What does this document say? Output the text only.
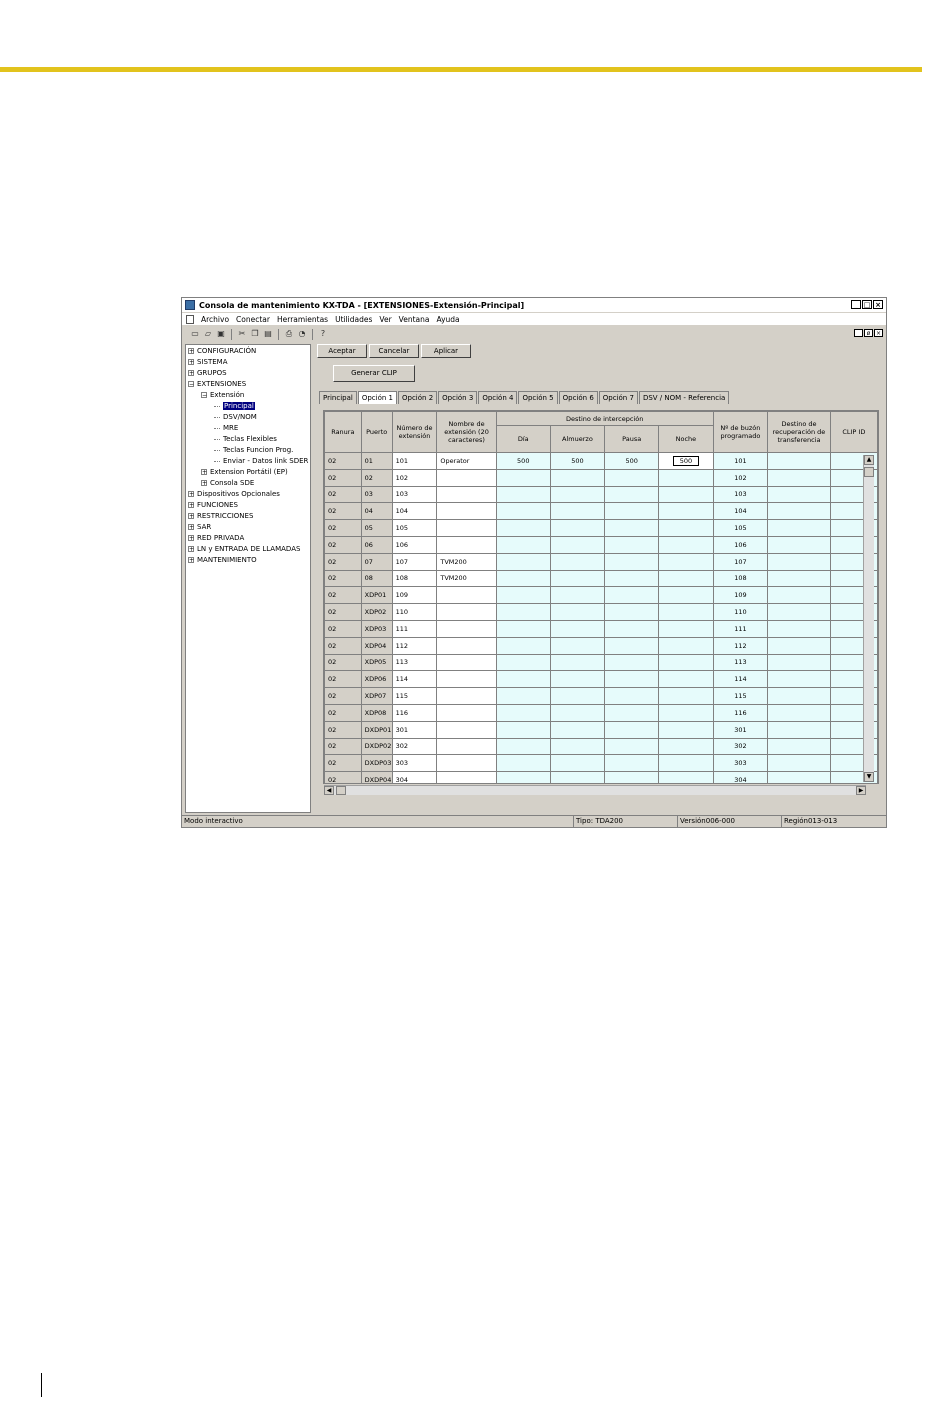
Consola de mantenimiento KX-TDA - [EXTENSIONES-Extensión-Principal]	_ □ ×
Archivo Conectar Herramientas Utilidades Ver Ventana Ayuda
_	ø ×
▭ ▱ ▣ ✂ ❐ ▤ ⎙ ◔	?
+ CONFIGURACIÓN
+ SISTEMA
+ GRUPOS
− EXTENSIONES
− Extensión
Principal
DSV/NOM
MRE
Teclas Flexibles
Teclas Funcion Prog.
Enviar - Datos link SDER
+ Extension Portátil (EP)
+ Consola SDE
+ Dispositivos Opcionales
+ FUNCIONES
+ RESTRICCIONES
+ SAR
+ RED PRIVADA
+ LN y ENTRADA DE LLAMADAS
+ MANTENIMIENTO
Aceptar	Cancelar	Aplicar
Generar CLIP
Principal	Opción 1	Opción 2	Opción 3	Opción 4	Opción 5	Opción 6	Opción 7	DSV / NOM - Referencia
Ranura	Puerto	Número de extensión	Nombre de extensión (20 caracteres)	Destino de intercepción				Nº de buzón programado	Destino de recuperación de transferencia	CLIP ID
				Día	Almuerzo	Pausa	Noche			
02	01	101	Operator	500	500	500	500	101		
02	02	102						102		
02	03	103						103		
02	04	104						104		
02	05	105						105		
02	06	106						106		
02	07	107	TVM200					107		
02	08	108	TVM200					108		
02	XDP01	109						109		
02	XDP02	110						110		
02	XDP03	111						111		
02	XDP04	112						112		
02	XDP05	113						113		
02	XDP06	114						114		
02	XDP07	115						115		
02	XDP08	116						116		
02	DXDP01	301						301		
02	DXDP02	302						302		
02	DXDP03	303						303		
02	DXDP04	304						304		
▲
▼
◀	▶
Modo interactivo	Tipo: TDA200	Versión006-000	Región013-013
